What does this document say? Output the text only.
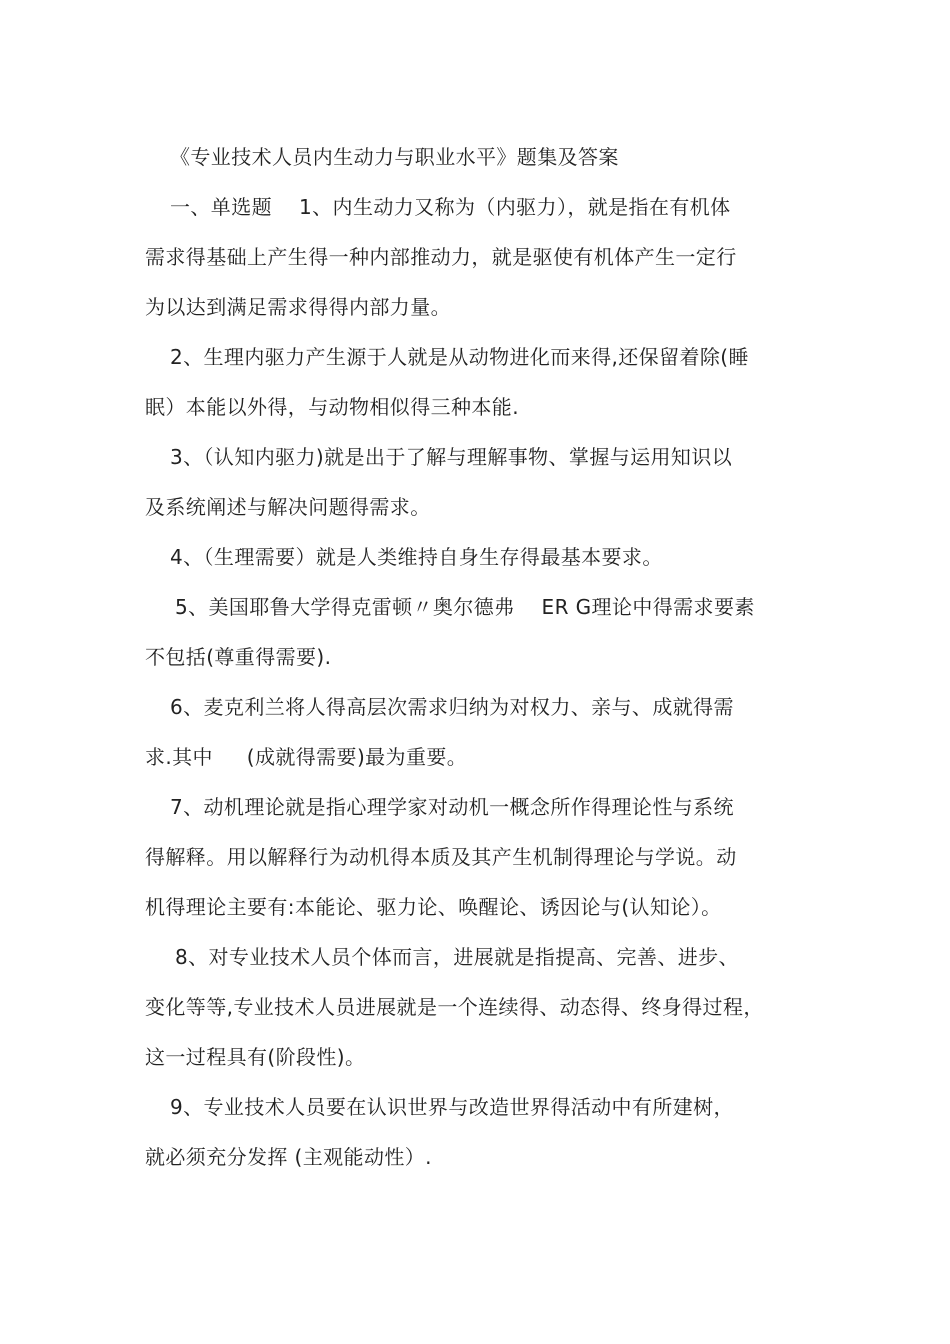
《专业技术人员内生动力与职业水平》题集及答案
一、单选题    1、内生动力又称为（内驱力），就是指在有机体
需求得基础上产生得一种内部推动力，就是驱使有机体产生一定行
为以达到满足需求得得内部力量。
2、生理内驱力产生源于人就是从动物进化而来得,还保留着除(睡
眠）本能以外得，与动物相似得三种本能.
3、（认知内驱力)就是出于了解与理解事物、掌握与运用知识以
及系统阐述与解决问题得需求。
4、（生理需要）就是人类维持自身生存得最基本要求。
5、美国耶鲁大学得克雷顿〃奥尔德弗    ER G理论中得需求要素
不包括(尊重得需要).
6、麦克利兰将人得高层次需求归纳为对权力、亲与、成就得需
求.其中     (成就得需要)最为重要。
7、动机理论就是指心理学家对动机一概念所作得理论性与系统
得解释。用以解释行为动机得本质及其产生机制得理论与学说。动
机得理论主要有:本能论、驱力论、唤醒论、诱因论与(认知论）。
8、对专业技术人员个体而言，进展就是指提高、完善、进步、
变化等等,专业技术人员进展就是一个连续得、动态得、终身得过程，
这一过程具有(阶段性)。
9、专业技术人员要在认识世界与改造世界得活动中有所建树，
就必须充分发挥 (主观能动性）.
